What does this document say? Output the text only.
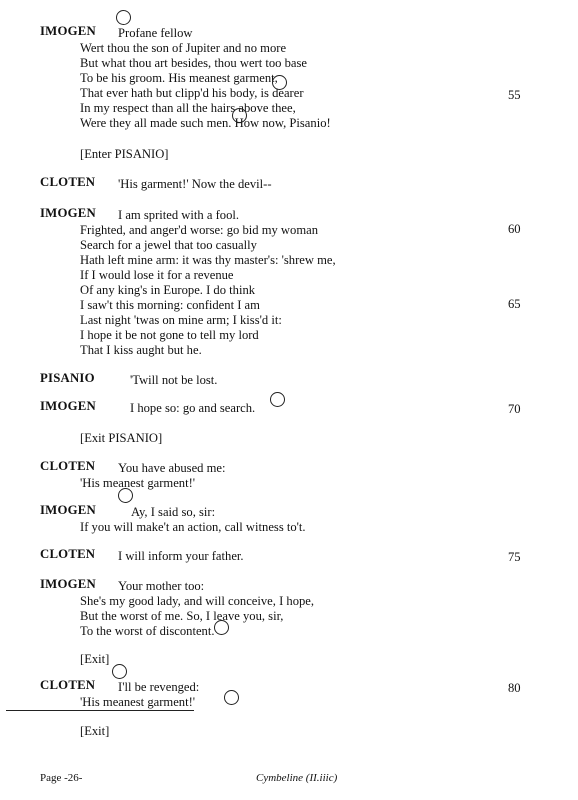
IMOGEN Profane fellow
Wert thou the son of Jupiter and no more
But what thou art besides, thou wert too base
To be his groom. His meanest garment,
That ever hath but clipp'd his body, is dearer
In my respect than all the hairs above thee,
Were they all made such men. How now, Pisanio!
55
[Enter PISANIO]
CLOTEN 'His garment!' Now the devil--
IMOGEN I am sprited with a fool.
Frighted, and anger'd worse: go bid my woman
Search for a jewel that too casually
Hath left mine arm: it was thy master's: 'shrew me,
If I would lose it for a revenue
Of any king's in Europe. I do think
I saw't this morning: confident I am
Last night 'twas on mine arm; I kiss'd it:
I hope it be not gone to tell my lord
That I kiss aught but he.
60
65
PISANIO	'Twill not be lost.
IMOGEN	I hope so: go and search.	70
[Exit PISANIO]
CLOTEN You have abused me:
'His meanest garment!'
IMOGEN	Ay, I said so, sir:
If you will make't an action, call witness to't.
CLOTEN I will inform your father.	75
IMOGEN Your mother too:
She's my good lady, and will conceive, I hope,
But the worst of me. So, I leave you, sir,
To the worst of discontent.
[Exit]
CLOTEN I'll be revenged:
'His meanest garment!'
80
[Exit]
Page -26-	Cymbeline (II.iiic)
